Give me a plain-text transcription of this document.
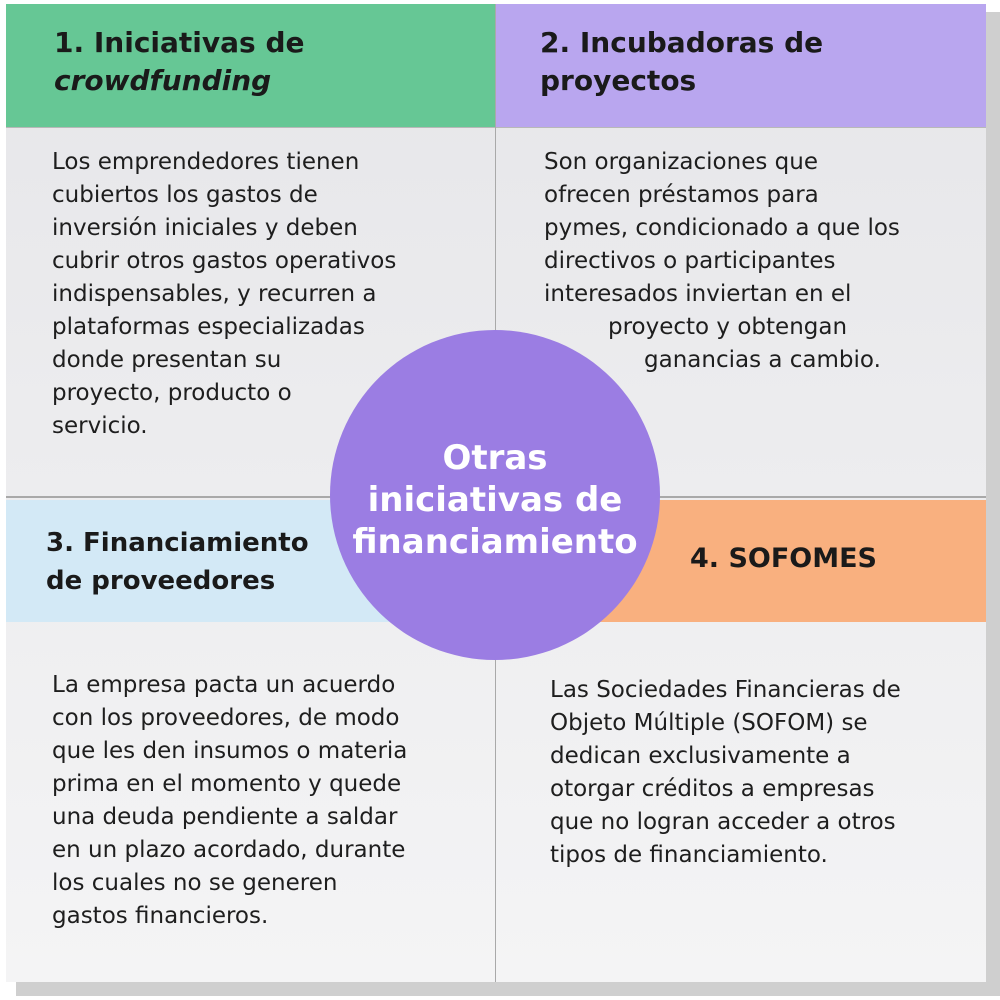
1. Iniciativas de
crowdfunding

Los emprendedores tienen
cubiertos los gastos de
inversión iniciales y deben
cubrir otros gastos operativos
indispensables, y recurren a
plataformas especializadas
donde presentan su
proyecto, producto o
servicio.

2. Incubadoras de
proyectos

Son organizaciones que
ofrecen préstamos para
pymes, condicionado a que los
directivos o participantes
interesados inviertan en el
proyecto y obtengan
ganancias a cambio.

3. Financiamiento
de proveedores

La empresa pacta un acuerdo
con los proveedores, de modo
que les den insumos o materia
prima en el momento y quede
una deuda pendiente a saldar
en un plazo acordado, durante
los cuales no se generen
gastos financieros.

4. SOFOMES

Las Sociedades Financieras de
Objeto Múltiple (SOFOM) se
dedican exclusivamente a
otorgar créditos a empresas
que no logran acceder a otros
tipos de financiamiento.

Otras
iniciativas de
financiamiento
